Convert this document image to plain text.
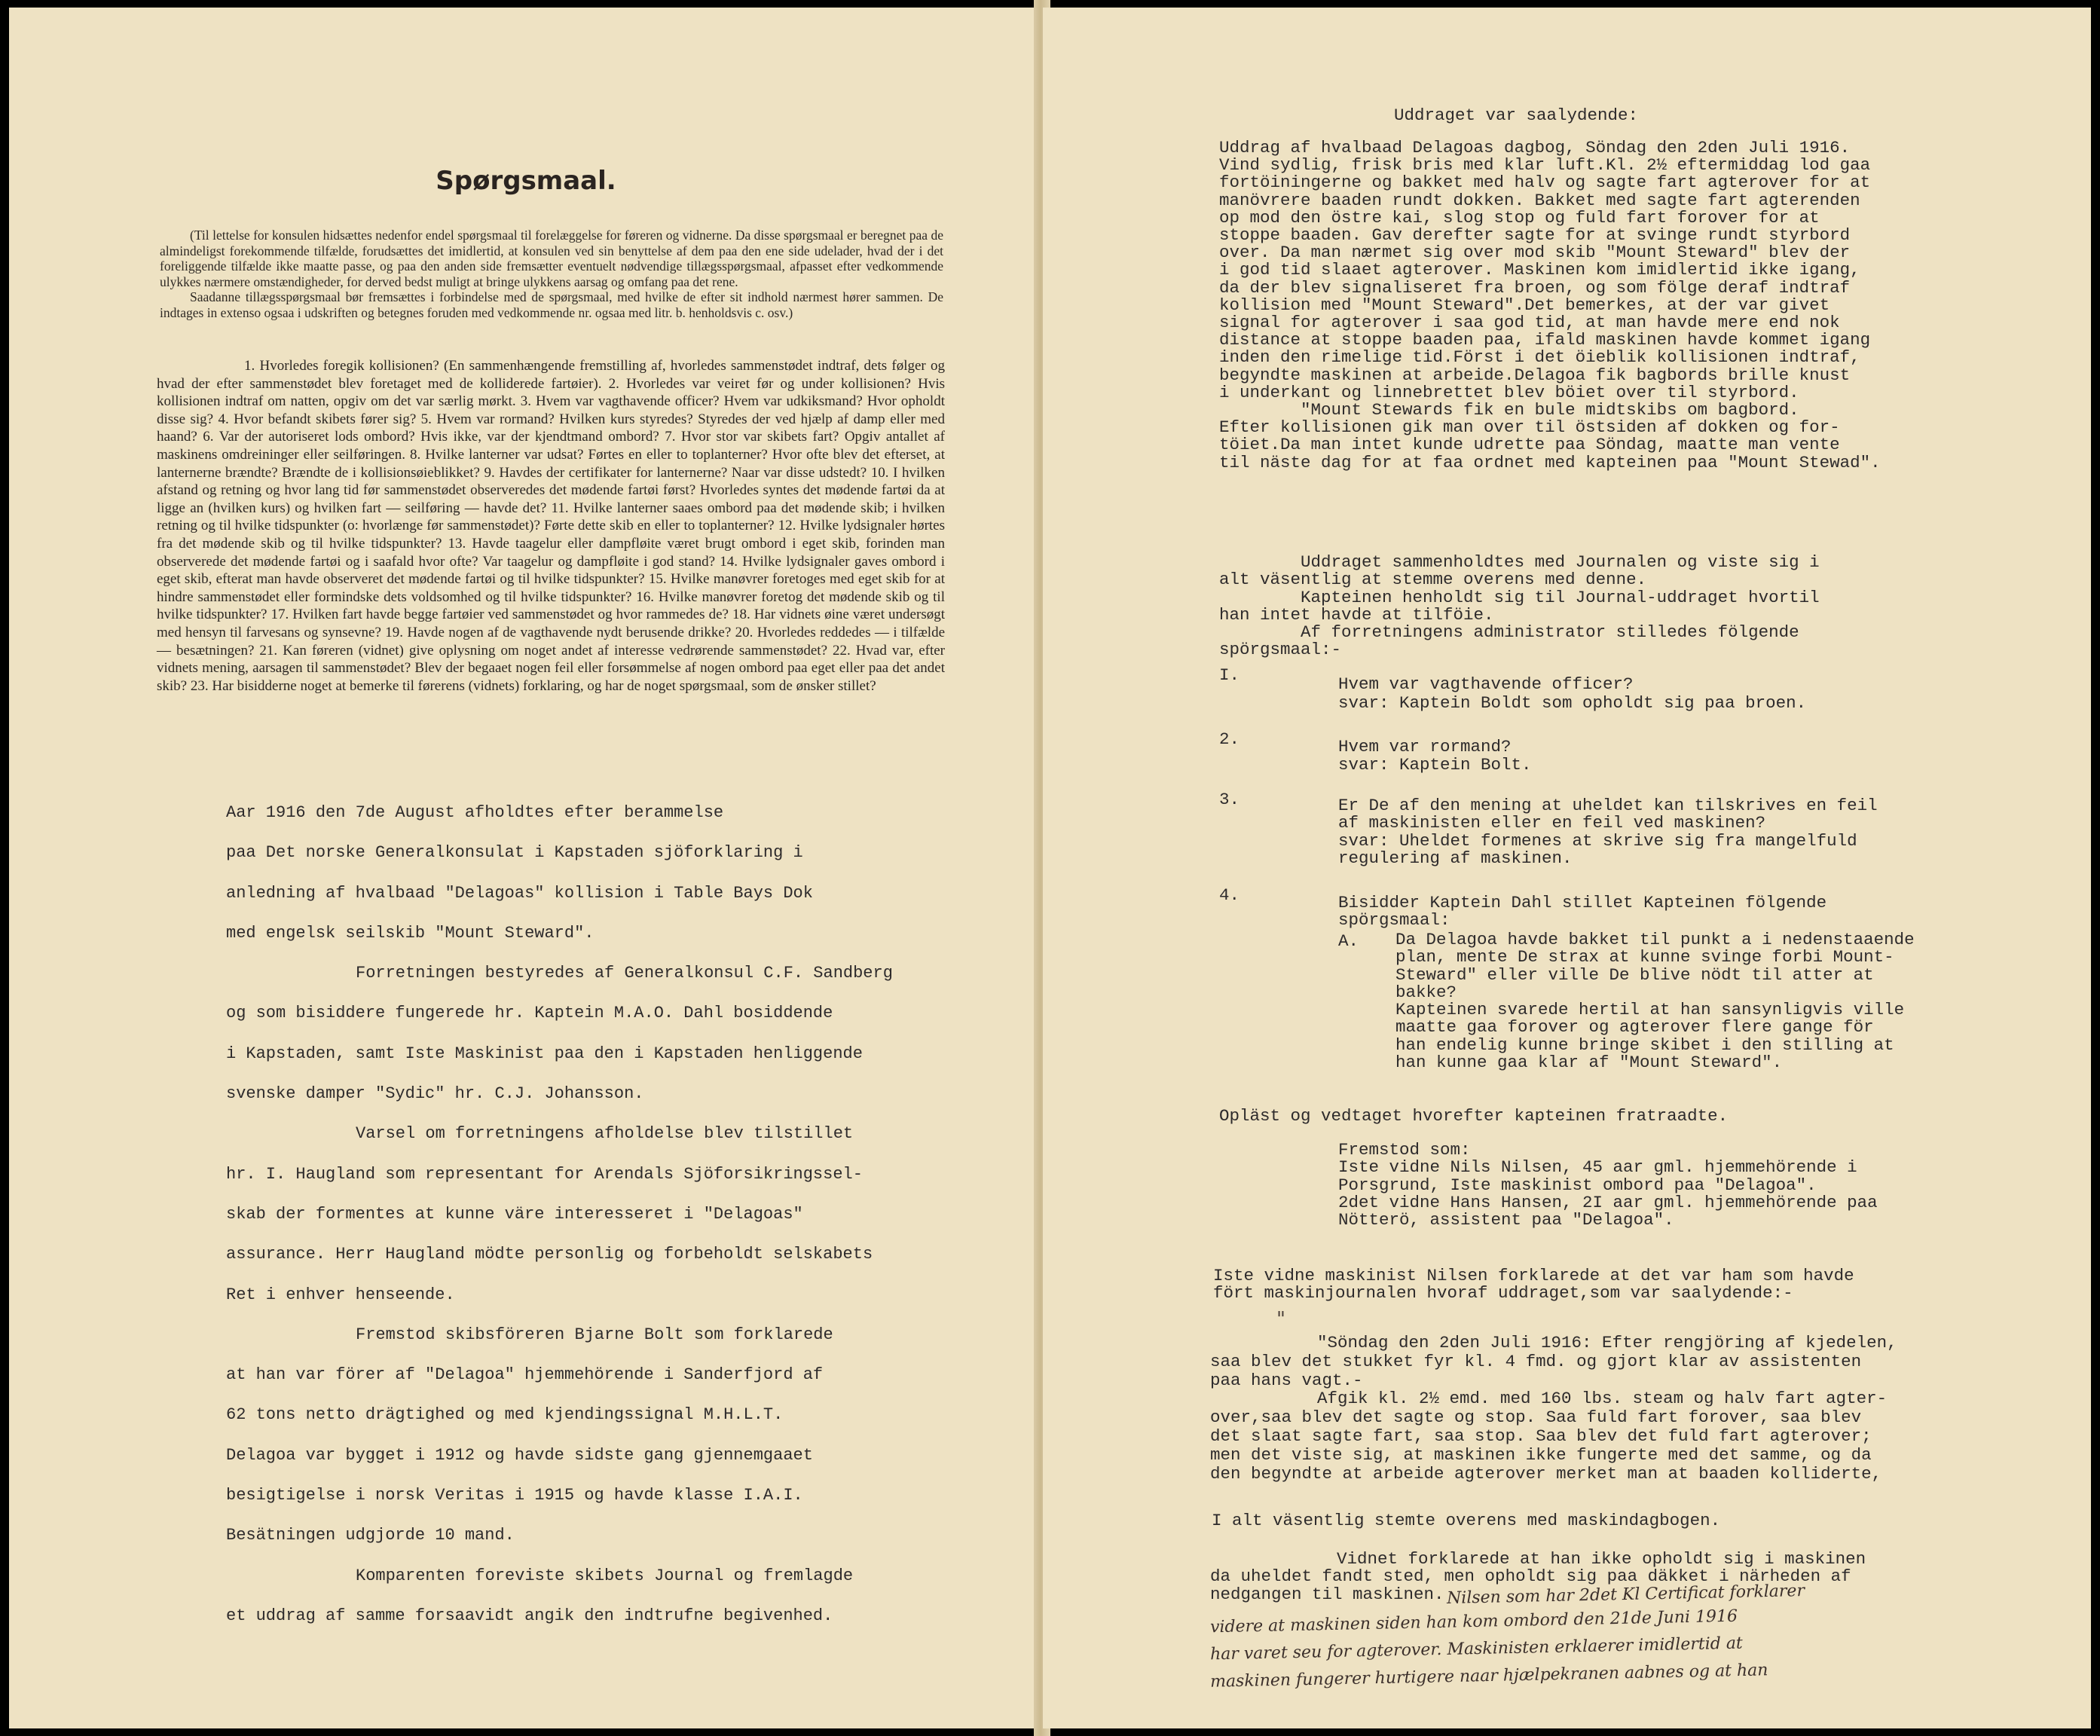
Spørgsmaal.

(Til lettelse for konsulen hidsættes nedenfor endel spørgsmaal til forelæggelse for føreren og vidnerne. Da disse spørgsmaal er beregnet paa de almindeligst forekommende tilfælde, forudsættes det imidlertid, at konsulen ved sin benyttelse af dem paa den ene side udelader, hvad der i det foreliggende tilfælde ikke maatte passe, og paa den anden side fremsætter eventuelt nødvendige tillægsspørgsmaal, afpasset efter vedkommende ulykkes nærmere omstændigheder, for derved bedst muligt at bringe ulykkens aarsag og omfang paa det rene.

Saadanne tillægsspørgsmaal bør fremsættes i forbindelse med de spørgsmaal, med hvilke de efter sit indhold nærmest hører sammen. De indtages in extenso ogsaa i udskriften og betegnes foruden med vedkommende nr. ogsaa med litr. b. henholdsvis c. osv.)

1. Hvorledes foregik kollisionen? (En sammenhængende fremstilling af, hvorledes sammenstødet indtraf, dets følger og hvad der efter sammenstødet blev foretaget med de kolliderede fartøier). 2. Hvorledes var veiret før og under kollisionen? Hvis kollisionen indtraf om natten, opgiv om det var særlig mørkt. 3. Hvem var vagthavende officer? Hvem var udkiksmand? Hvor opholdt disse sig? 4. Hvor befandt skibets fører sig? 5. Hvem var rormand? Hvilken kurs styredes? Styredes der ved hjælp af damp eller med haand? 6. Var der autoriseret lods ombord? Hvis ikke, var der kjendtmand ombord? 7. Hvor stor var skibets fart? Opgiv antallet af maskinens omdreininger eller seilføringen. 8. Hvilke lanterner var udsat? Førtes en eller to toplanterner? Hvor ofte blev det efterset, at lanternerne brændte? Brændte de i kollisionsøieblikket? 9. Havdes der certifikater for lanternerne? Naar var disse udstedt? 10. I hvilken afstand og retning og hvor lang tid før sammenstødet observeredes det mødende fartøi først? Hvorledes syntes det mødende fartøi da at ligge an (hvilken kurs) og hvilken fart — seilføring — havde det? 11. Hvilke lanterner saaes ombord paa det mødende skib; i hvilken retning og til hvilke tidspunkter (o: hvorlænge før sammenstødet)? Førte dette skib en eller to toplanterner? 12. Hvilke lydsignaler hørtes fra det mødende skib og til hvilke tidspunkter? 13. Havde taagelur eller dampfløite været brugt ombord i eget skib, forinden man observerede det mødende fartøi og i saafald hvor ofte? Var taagelur og dampfløite i god stand? 14. Hvilke lydsignaler gaves ombord i eget skib, efterat man havde observeret det mødende fartøi og til hvilke tidspunkter? 15. Hvilke manøvrer foretoges med eget skib for at hindre sammenstødet eller formindske dets voldsomhed og til hvilke tidspunkter? 16. Hvilke manøvrer foretog det mødende skib og til hvilke tidspunkter? 17. Hvilken fart havde begge fartøier ved sammenstødet og hvor rammedes de? 18. Har vidnets øine været undersøgt med hensyn til farvesans og synsevne? 19. Havde nogen af de vagthavende nydt berusende drikke? 20. Hvorledes reddedes — i tilfælde — besætningen? 21. Kan føreren (vidnet) give oplysning om noget andet af interesse vedrørende sammenstødet? 22. Hvad var, efter vidnets mening, aarsagen til sammenstødet? Blev der begaaet nogen feil eller forsømmelse af nogen ombord paa eget eller paa det andet skib? 23. Har bisidderne noget at bemerke til førerens (vidnets) forklaring, og har de noget spørgsmaal, som de ønsker stillet?

Aar 1916 den 7de August afholdtes efter berammelse
paa Det norske Generalkonsulat i Kapstaden sjöforklaring i
anledning af hvalbaad "Delagoas" kollision i Table Bays Dok
med engelsk seilskib "Mount Steward".
Forretningen bestyredes af Generalkonsul C.F. Sandberg
og som bisiddere fungerede hr. Kaptein M.A.O. Dahl bosiddende
i Kapstaden, samt Iste Maskinist paa den i Kapstaden henliggende
svenske damper "Sydic" hr. C.J. Johansson.
Varsel om forretningens afholdelse blev tilstillet
hr. I. Haugland som representant for Arendals Sjöforsikringssel-
skab der formentes at kunne väre interesseret i "Delagoas"
assurance. Herr Haugland mödte personlig og forbeholdt selskabets
Ret i enhver henseende.
Fremstod skibsföreren Bjarne Bolt som forklarede
at han var förer af "Delagoa" hjemmehörende i Sanderfjord af
62 tons netto drägtighed og med kjendingssignal M.H.L.T.
Delagoa var bygget i 1912 og havde sidste gang gjennemgaaet
besigtigelse i norsk Veritas i 1915 og havde klasse I.A.I.
Besätningen udgjorde 10 mand.
Komparenten foreviste skibets Journal og fremlagde
et uddrag af samme forsaavidt angik den indtrufne begivenhed.
Uddraget var saalydende:
Uddrag af hvalbaad Delagoas dagbog, Söndag den 2den Juli 1916.
Vind sydlig, frisk bris med klar luft.Kl. 2½ eftermiddag lod gaa
fortöiningerne og bakket med halv og sagte fart agterover for at
manövrere baaden rundt dokken. Bakket med sagte fart agterenden
op mod den östre kai, slog stop og fuld fart forover for at
stoppe baaden. Gav derefter sagte for at svinge rundt styrbord
over. Da man nærmet sig over mod skib "Mount Steward" blev der
i god tid slaaet agterover. Maskinen kom imidlertid ikke igang,
da der blev signaliseret fra broen, og som fölge deraf indtraf
kollision med "Mount Steward".Det bemerkes, at der var givet
signal for agterover i saa god tid, at man havde mere end nok
distance at stoppe baaden paa, ifald maskinen havde kommet igang
inden den rimelige tid.Först i det öieblik kollisionen indtraf,
begyndte maskinen at arbeide.Delagoa fik bagbords brille knust
i underkant og linnebrettet blev böiet over til styrbord.
"Mount Stewards fik en bule midtskibs om bagbord.
Efter kollisionen gik man over til östsiden af dokken og for-
töiet.Da man intet kunde udrette paa Söndag, maatte man vente
til näste dag for at faa ordnet med kapteinen paa "Mount Stewad".
Uddraget sammenholdtes med Journalen og viste sig i
alt väsentlig at stemme overens med denne.
Kapteinen henholdt sig til Journal-uddraget hvortil
han intet havde at tilföie.
Af forretningens administrator stilledes fölgende
spörgsmaal:-
I.	Hvem var vagthavende officer?
svar: Kaptein Boldt som opholdt sig paa broen.
2.	Hvem var rormand?
svar: Kaptein Bolt.
3.	Er De af den mening at uheldet kan tilskrives en feil
af maskinisten eller en feil ved maskinen?
svar: Uheldet formenes at skrive sig fra mangelfuld
regulering af maskinen.
4.	Bisidder Kaptein Dahl stillet Kapteinen fölgende
spörgsmaal:
A.	Da Delagoa havde bakket til punkt a i nedenstaaende
plan, mente De strax at kunne svinge forbi Mount-
Steward" eller ville De blive nödt til atter at
bakke?
Kapteinen svarede hertil at han sansynligvis ville
maatte gaa forover og agterover flere gange för
han endelig kunne bringe skibet i den stilling at
han kunne gaa klar af "Mount Steward".
Opläst og vedtaget hvorefter kapteinen fratraadte.
Fremstod som:
Iste vidne Nils Nilsen, 45 aar gml. hjemmehörende i
Porsgrund, Iste maskinist ombord paa "Delagoa".
2det vidne Hans Hansen, 2I aar gml. hjemmehörende paa
Nötterö, assistent paa "Delagoa".
Iste vidne maskinist Nilsen forklarede at det var ham som havde
fört maskinjournalen hvoraf uddraget,som var saalydende:-
"
"Söndag den 2den Juli 1916: Efter rengjöring af kjedelen,
saa blev det stukket fyr kl. 4 fmd. og gjort klar av assistenten
paa hans vagt.-
Afgik kl. 2½ emd. med 160 lbs. steam og halv fart agter-
over,saa blev det sagte og stop. Saa fuld fart forover, saa blev
det slaat sagte fart, saa stop. Saa blev det fuld fart agterover;
men det viste sig, at maskinen ikke fungerte med det samme, og da
den begyndte at arbeide agterover merket man at baaden kolliderte,
I alt väsentlig stemte overens med maskindagbogen.
Vidnet forklarede at han ikke opholdt sig i maskinen
da uheldet fandt sted, men opholdt sig paa däkket i närheden af
nedgangen til maskinen. Nilsen som har 2det Kl Certificat forklarer
videre at maskinen siden han kom ombord den 21de Juni 1916
har varet seu for agterover. Maskinisten erklaerer imidlertid at
maskinen fungerer hurtigere naar hjælpekranen aabnes og at han
